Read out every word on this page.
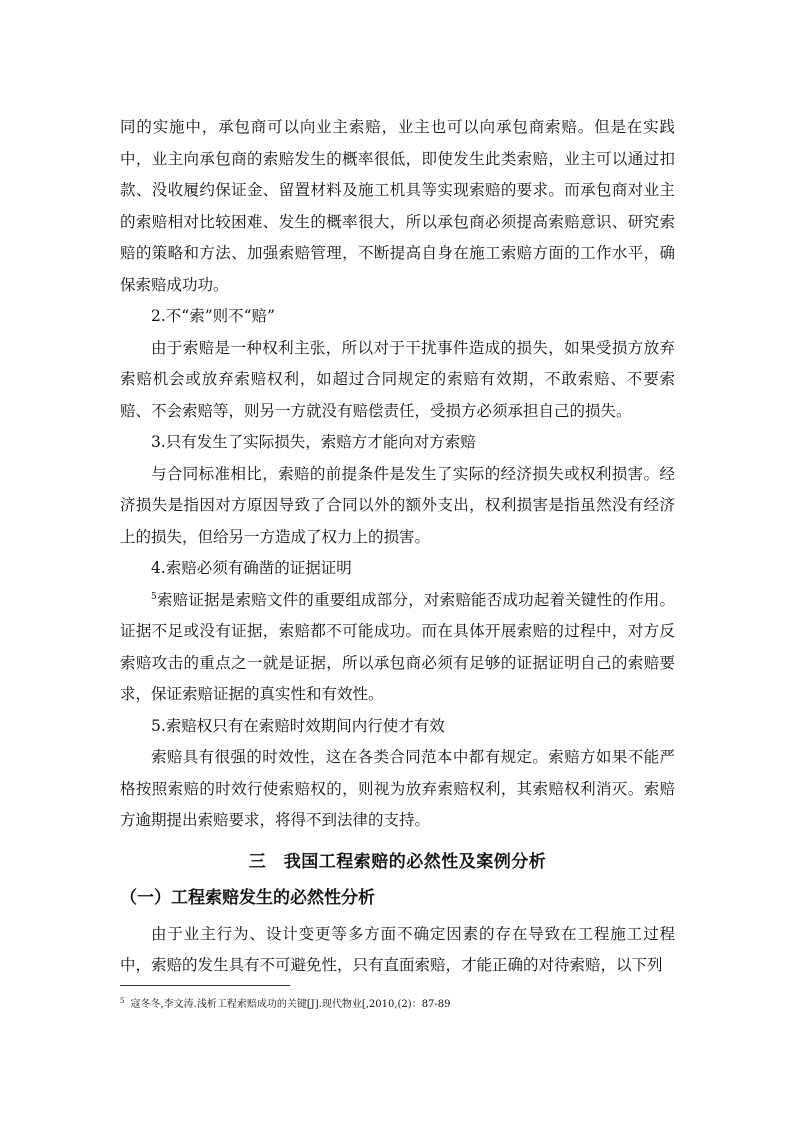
同的实施中，承包商可以向业主索赔，业主也可以向承包商索赔。但是在实践中，业主向承包商的索赔发生的概率很低，即使发生此类索赔，业主可以通过扣款、没收履约保证金、留置材料及施工机具等实现索赔的要求。而承包商对业主的索赔相对比较困难、发生的概率很大，所以承包商必须提高索赔意识、研究索赔的策略和方法、加强索赔管理，不断提高自身在施工索赔方面的工作水平，确保索赔成功功。

2.不“索”则不“赔”

由于索赔是一种权利主张，所以对于干扰事件造成的损失，如果受损方放弃索赔机会或放弃索赔权利，如超过合同规定的索赔有效期，不敢索赔、不要索赔、不会索赔等，则另一方就没有赔偿责任，受损方必须承担自己的损失。

3.只有发生了实际损失，索赔方才能向对方索赔

与合同标准相比，索赔的前提条件是发生了实际的经济损失或权利损害。经济损失是指因对方原因导致了合同以外的额外支出，权利损害是指虽然没有经济上的损失，但给另一方造成了权力上的损害。

4.索赔必须有确凿的证据证明

$^5$索赔证据是索赔文件的重要组成部分，对索赔能否成功起着关键性的作用。证据不足或没有证据，索赔都不可能成功。而在具体开展索赔的过程中，对方反索赔攻击的重点之一就是证据，所以承包商必须有足够的证据证明自己的索赔要求，保证索赔证据的真实性和有效性。

5.索赔权只有在索赔时效期间内行使才有效

索赔具有很强的时效性，这在各类合同范本中都有规定。索赔方如果不能严格按照索赔的时效行使索赔权的，则视为放弃索赔权利，其索赔权利消灭。索赔方逾期提出索赔要求，将得不到法律的支持。

三　我国工程索赔的必然性及案例分析
（一）工程索赔发生的必然性分析

由于业主行为、设计变更等多方面不确定因素的存在导致在工程施工过程中，索赔的发生具有不可避免性，只有直面索赔，才能正确的对待索赔，以下列

$^5$ 寇冬冬,李文涛.浅析工程索赔成功的关键[J].现代物业[,2010,(2)：87-89
